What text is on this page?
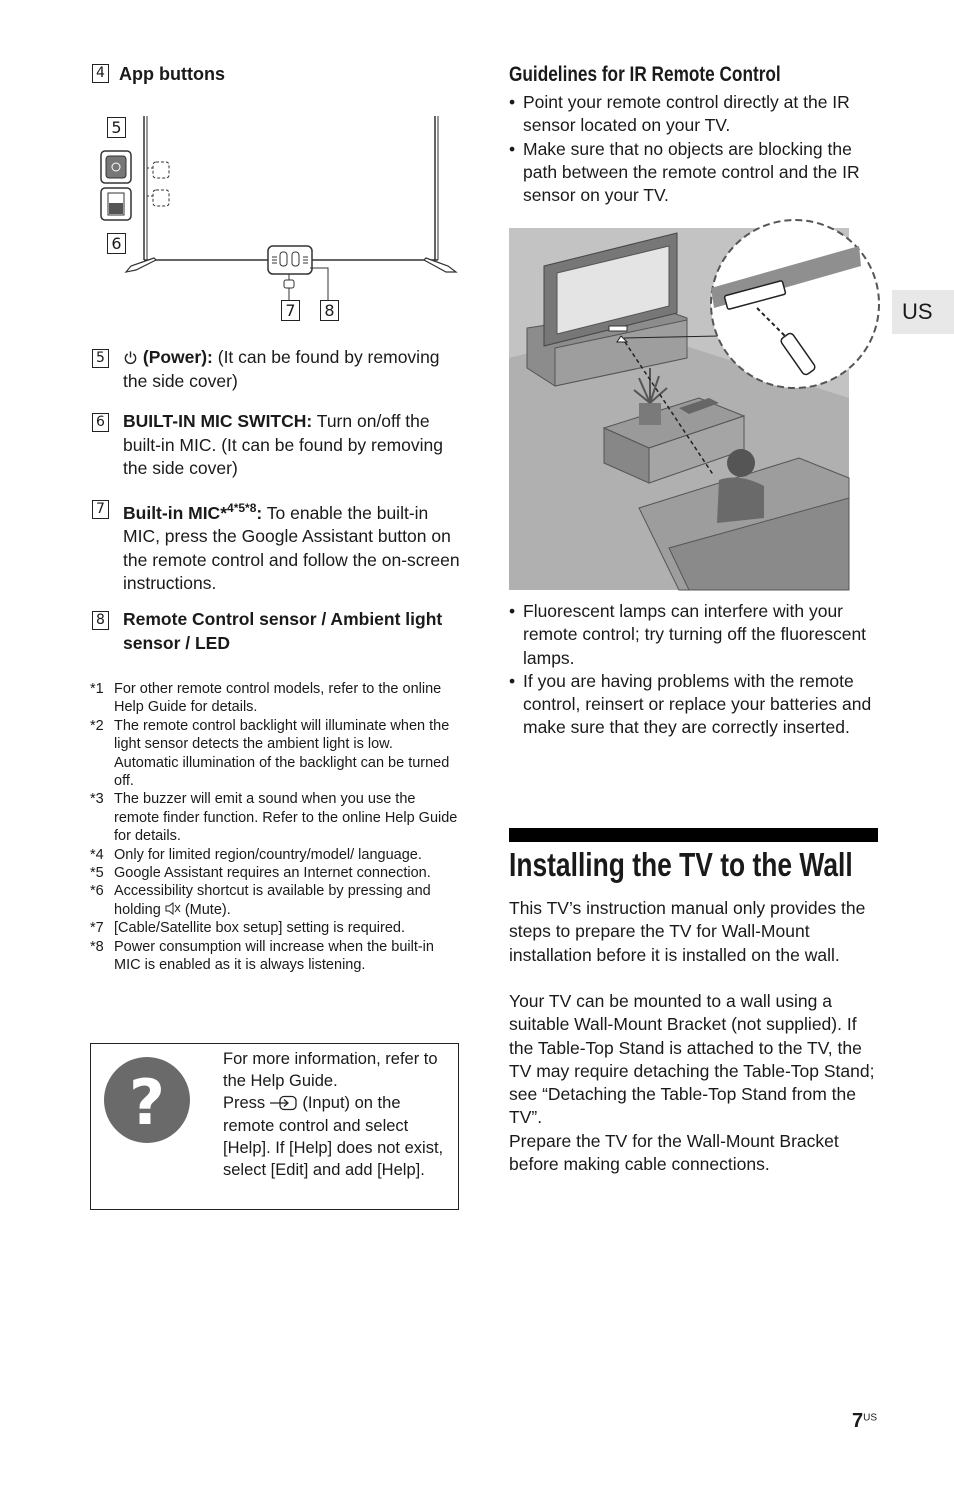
4 App buttons
5
6
7 8
5	(Power): (It can be found by removing the side cover)
6 BUILT-IN MIC SWITCH: Turn on/off the built-in MIC. (It can be found by removing the side cover)
7 Built-in MIC*$^{4*5*8}$: To enable the built-in MIC, press the Google Assistant button on the remote control and follow the on-screen instructions.
8 Remote Control sensor / Ambient light sensor / LED
*1 For other remote control models, refer to the online Help Guide for details.
*2 The remote control backlight will illuminate when the light sensor detects the ambient light is low. Automatic illumination of the backlight can be turned off.
*3 The buzzer will emit a sound when you use the remote finder function. Refer to the online Help Guide for details.
*4 Only for limited region/country/model/ language.
*5 Google Assistant requires an Internet connection.
*6 Accessibility shortcut is available by pressing and holding  (Mute).
*7 [Cable/Satellite box setup] setting is required.
*8 Power consumption will increase when the built-in MIC is enabled as it is always listening.
?
For more information, refer to the Help Guide.
Press  (Input) on the remote control and select [Help]. If [Help] does not exist, select [Edit] and add [Help].
Guidelines for IR Remote Control
• Point your remote control directly at the IR sensor located on your TV.
• Make sure that no objects are blocking the path between the remote control and the IR sensor on your TV.
• Fluorescent lamps can interfere with your remote control; try turning off the fluorescent lamps.
• If you are having problems with the remote control, reinsert or replace your batteries and make sure that they are correctly inserted.
Installing the TV to the Wall
This TV’s instruction manual only provides the steps to prepare the TV for Wall-Mount installation before it is installed on the wall.
Your TV can be mounted to a wall using a suitable Wall-Mount Bracket (not supplied). If the Table-Top Stand is attached to the TV, the TV may require detaching the Table-Top Stand; see “Detaching the Table-Top Stand from the TV”.
Prepare the TV for the Wall-Mount Bracket before making cable connections.
US
$7^{US}$
